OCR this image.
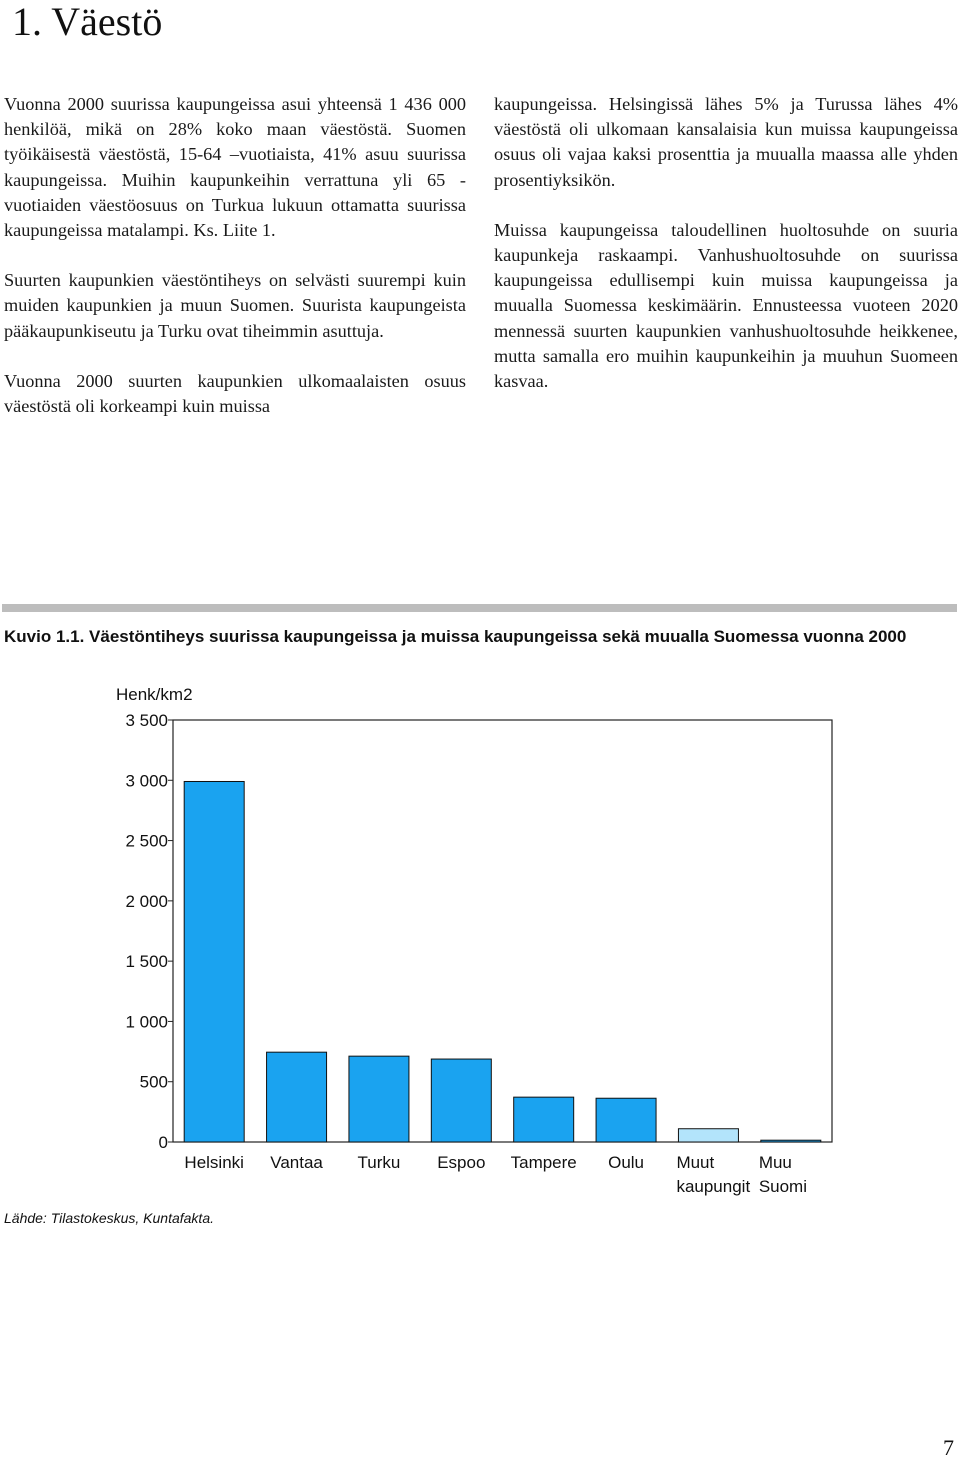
1. Väestö

Vuonna 2000 suurissa kaupungeissa asui yhteensä 1 436 000 henkilöä, mikä on 28% koko maan väestöstä. Suomen työikäisestä väestöstä, 15-64 –vuotiaista, 41% asuu suurissa kaupungeissa. Muihin kaupunkeihin verrattuna yli 65 -vuotiaiden väestöosuus on Turkua lukuun ottamatta suurissa kaupungeissa matalampi. Ks. Liite 1.

Suurten kaupunkien väestöntiheys on selvästi suurempi kuin muiden kaupunkien ja muun Suomen. Suurista kaupungeista pääkaupunkiseutu ja Turku ovat tiheimmin asuttuja.

Vuonna 2000 suurten kaupunkien ulkomaalaisten osuus väestöstä oli korkeampi kuin muissa

kaupungeissa. Helsingissä lähes 5% ja Turussa lähes 4% väestöstä oli ulkomaan kansalaisia kun muissa kaupungeissa osuus oli vajaa kaksi prosenttia ja muualla maassa alle yhden prosentiyksikön.

Muissa kaupungeissa taloudellinen huoltosuhde on suuria kaupunkeja raskaampi. Vanhushuoltosuhde on suurissa kaupungeissa edullisempi kuin muissa kaupungeissa ja muualla Suomessa keskimäärin. Ennusteessa vuoteen 2020 mennessä suurten kaupunkien vanhushuoltosuhde heikkenee, mutta samalla ero muihin kaupunkeihin ja muuhun Suomeen kasvaa.

Kuvio 1.1. Väestöntiheys suurissa kaupungeissa ja muissa kaupungeissa sekä muualla Suomessa vuonna 2000
Henk/km2
0
500
1 000
1 500
2 000
2 500
3 000
3 500
Helsinki Vantaa Turku Espoo Tampere Oulu Muut kaupungit
Muu Suomi
Lähde: Tilastokeskus, Kuntafakta.
7
